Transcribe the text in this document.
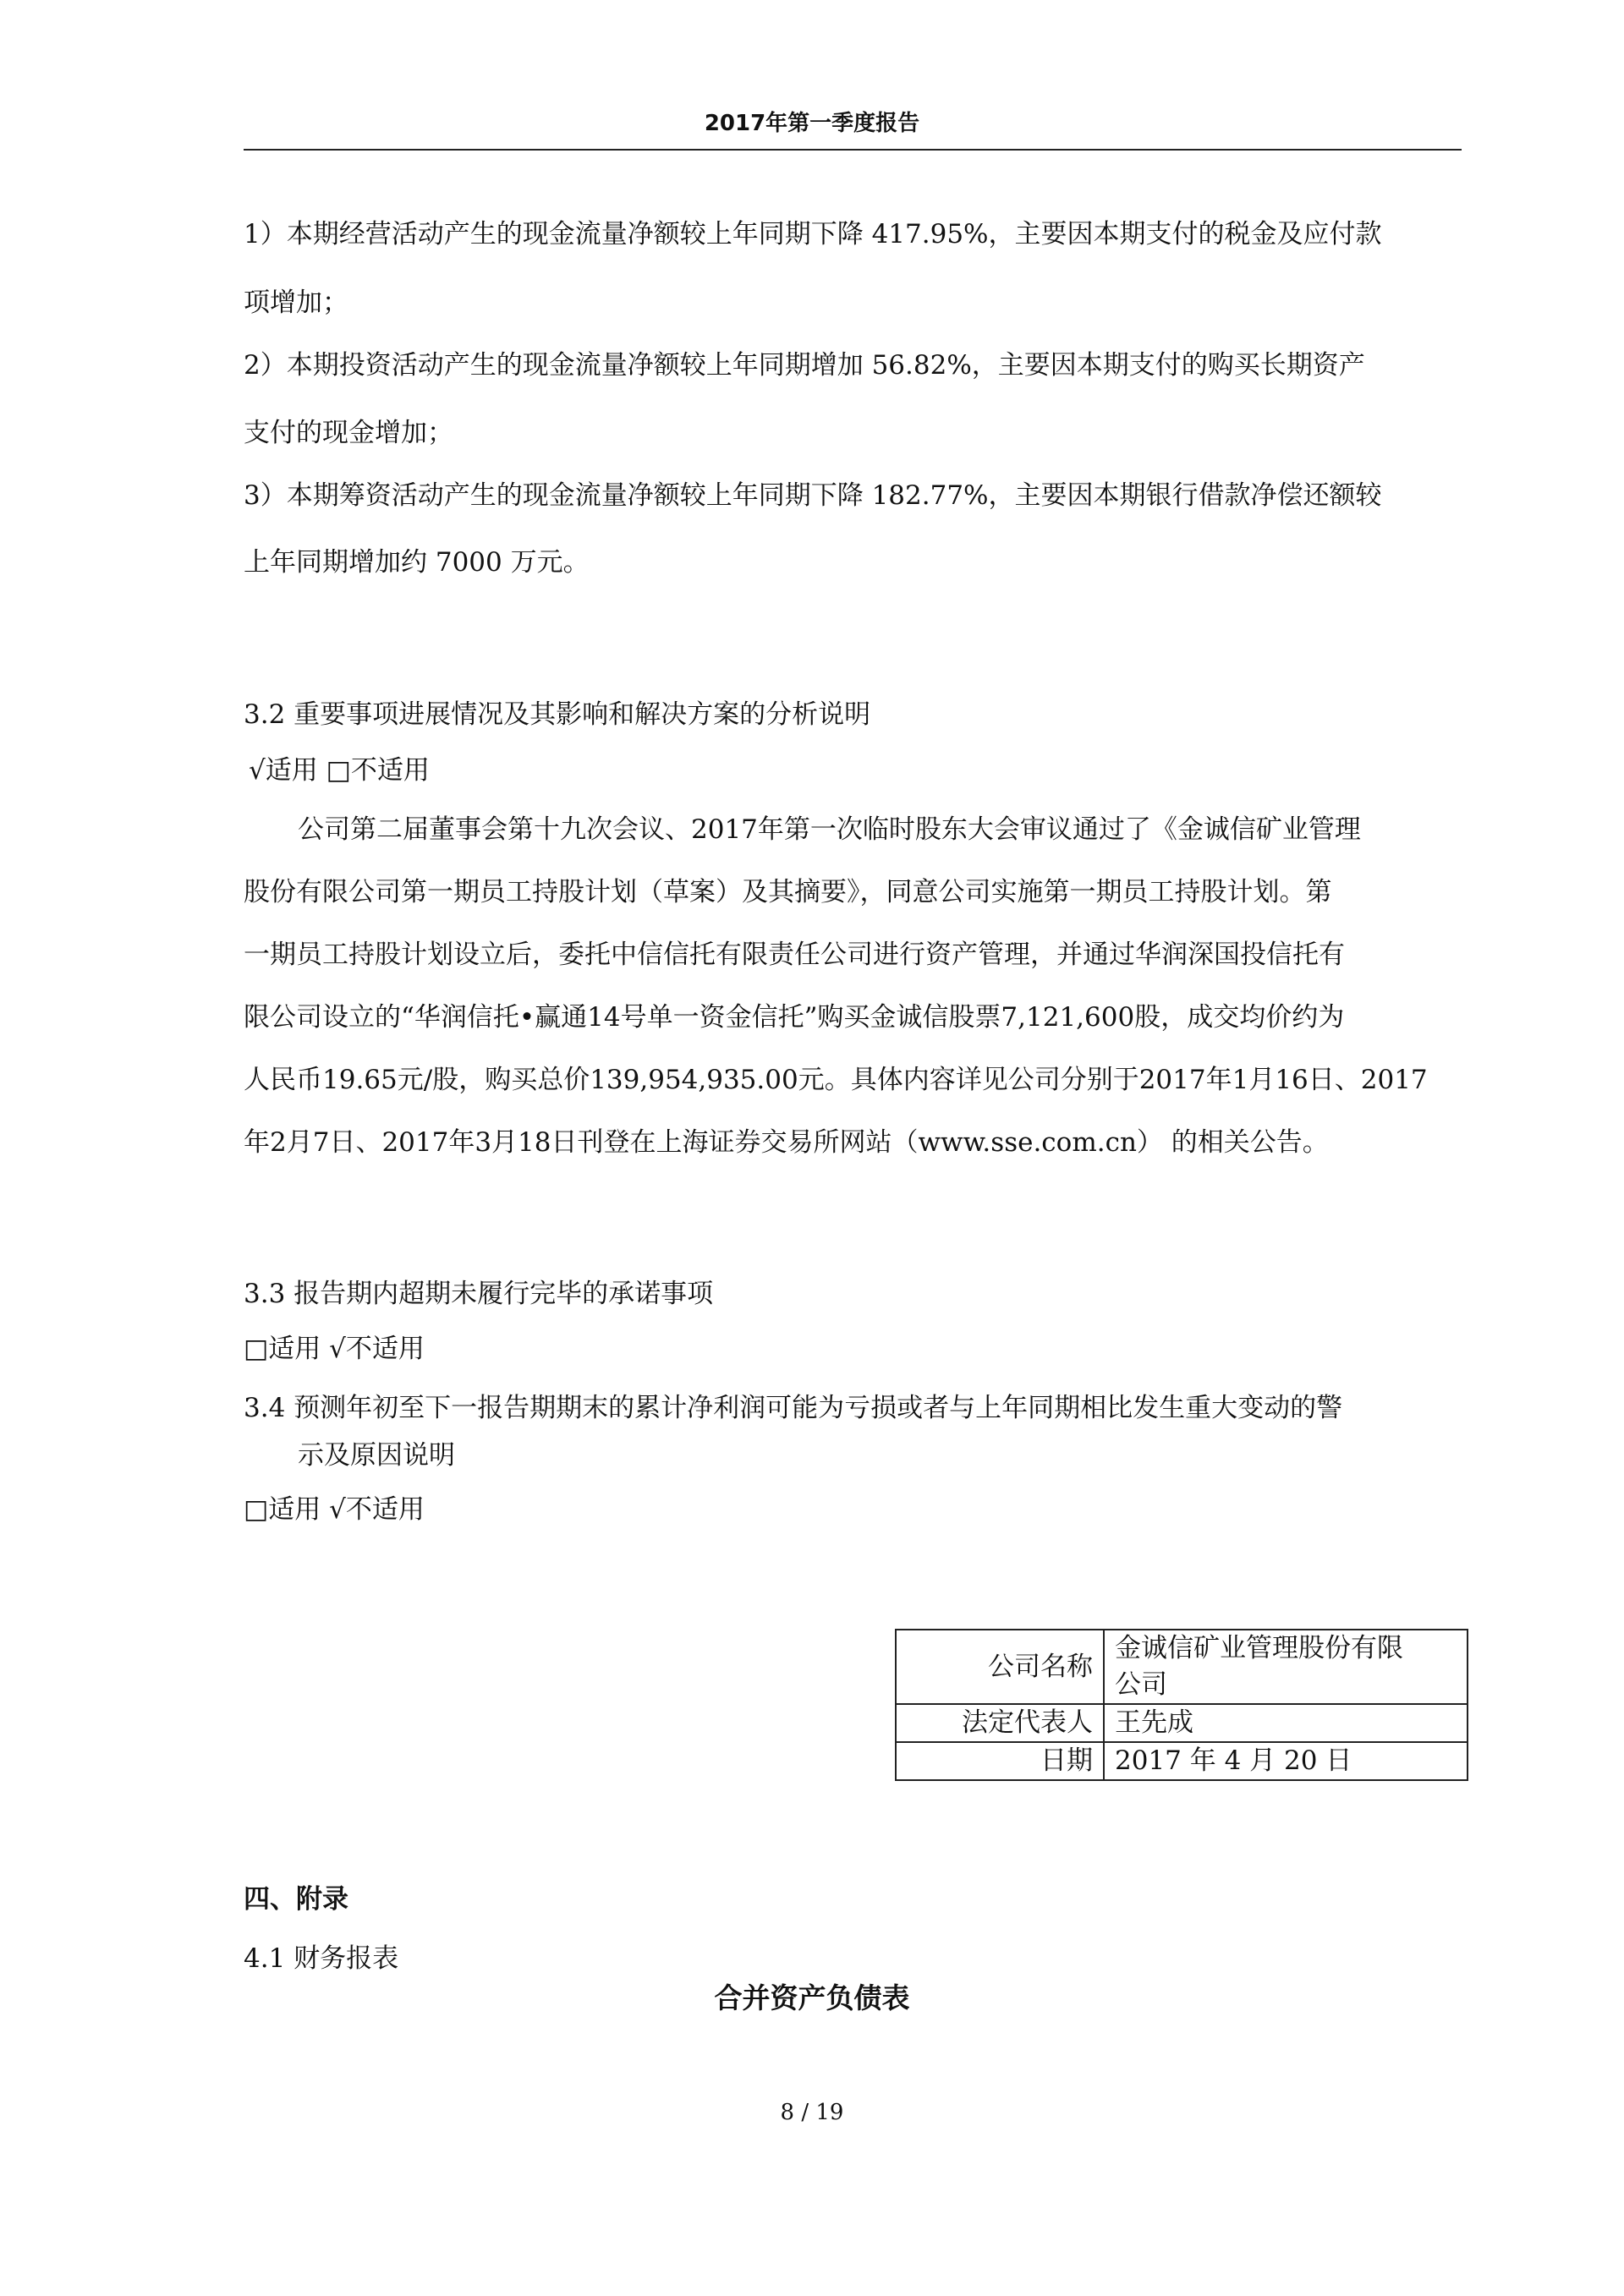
2017年第一季度报告
1）本期经营活动产生的现金流量净额较上年同期下降 417.95%，主要因本期支付的税金及应付款
项增加；
2）本期投资活动产生的现金流量净额较上年同期增加 56.82%，主要因本期支付的购买长期资产
支付的现金增加；
3）本期筹资活动产生的现金流量净额较上年同期下降 182.77%，主要因本期银行借款净偿还额较
上年同期增加约 7000 万元。
3.2 重要事项进展情况及其影响和解决方案的分析说明
√适用 □不适用
公司第二届董事会第十九次会议、2017年第一次临时股东大会审议通过了《金诚信矿业管理
股份有限公司第一期员工持股计划（草案）及其摘要》，同意公司实施第一期员工持股计划。第
一期员工持股计划设立后，委托中信信托有限责任公司进行资产管理，并通过华润深国投信托有
限公司设立的“华润信托•赢通14号单一资金信托”购买金诚信股票7,121,600股，成交均价约为
人民币19.65元/股，购买总价139,954,935.00元。具体内容详见公司分别于2017年1月16日、2017
年2月7日、2017年3月18日刊登在上海证券交易所网站（www.sse.com.cn） 的相关公告。
3.3 报告期内超期未履行完毕的承诺事项
□适用 √不适用
3.4 预测年初至下一报告期期末的累计净利润可能为亏损或者与上年同期相比发生重大变动的警
示及原因说明
□适用 √不适用
公司名称	金诚信矿业管理股份有限
公司

法定代表人	王先成
日期	2017 年 4 月 20 日
四、附录
4.1 财务报表
合并资产负债表
8 / 19
